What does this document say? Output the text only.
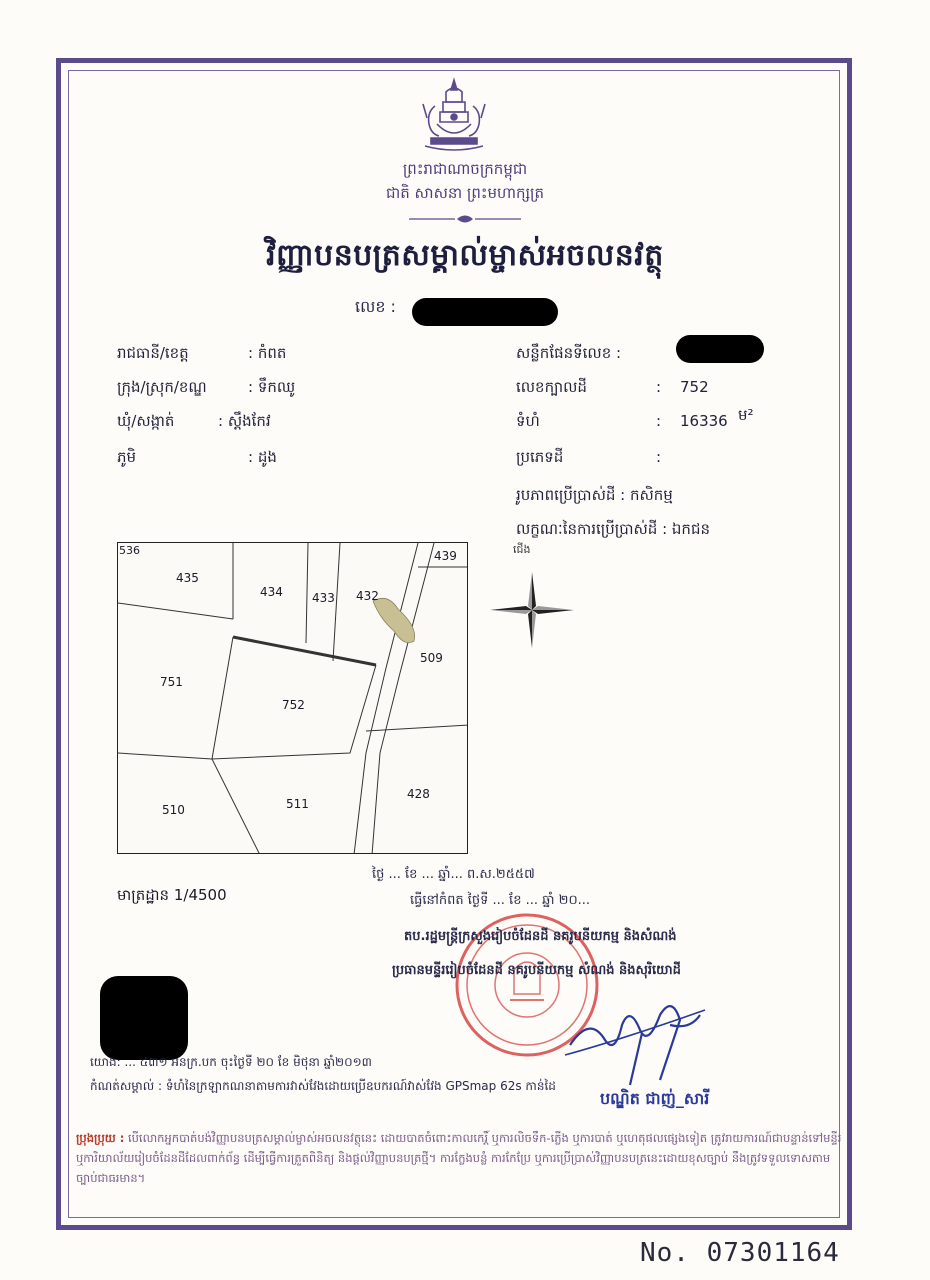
ព្រះរាជាណាចក្រកម្ពុជា
ជាតិ សាសនា ព្រះមហាក្សត្រ
វិញ្ញាបនបត្រសម្គាល់ម្ចាស់អចលនវត្ថុ
លេខ :
រាជធានី/ខេត្ត	: កំពត
ក្រុង/ស្រុក/ខណ្ឌ	: ទឹកឈូ
ឃុំ/សង្កាត់	: ស្ដឹងកែវ
ភូមិ	: ដូង
សន្លឹកផែនទីលេខ :
លេខក្បាលដី	: 752
ទំហំ	: 16336 ម²
ប្រភេទដី	:
រូបភាពប្រើប្រាស់ដី : កសិកម្ម
លក្ខណៈនៃការប្រើប្រាស់ដី : ឯកជន
ជើង
536
435
434 433 432
439
509
751
752
510	511
428
មាត្រដ្ឋាន 1/4500
ថ្ងៃ ... ខែ ... ឆ្នាំ... ព.ស.២៥៥៧
ធ្វើនៅកំពត ថ្ងៃទី ... ខែ ... ឆ្នាំ ២០...
តប.រដ្ឋមន្ត្រីក្រសួងរៀបចំដែនដី នគរូបនីយកម្ម និងសំណង់
ប្រធានមន្ទីររៀបចំដែនដី នគរូបនីយកម្ម សំណង់ និងសុរិយោដី
យោង: ... ៤៣១ អនក្រ.បក ចុះថ្ងៃទី ២០ ខែ មិថុនា ឆ្នាំ២០១៣
កំណត់សម្គាល់ : ទំហំនៃក្រឡាកណនាតាមការវាស់វែងដោយប្រើឧបករណ៍វាស់វែង GPSmap 62s កាន់ដៃ
បណ្ឌិត ជាញ់_សារី
ប្រុងប្រុយ : បើលោកអ្នកបាត់បង់វិញ្ញាបនបត្រសម្គាល់ម្ចាស់អចលនវត្ថុនេះ ដោយបាតចំពោះកាលកេរ្តិ៍ ឬការលិចទឹក-ភ្លើង ឬការបាត់ ឬហេតុផលផ្សេងទៀត ត្រូវរាយការណ៍ជាបន្ទាន់ទៅមន្ទីរ ឬការិយាល័យរៀបចំដែនដីដែលពាក់ព័ន្ធ ដើម្បីធ្វើការត្រួតពិនិត្យ និងផ្ដល់វិញ្ញាបនបត្រថ្មី។ ការក្លែងបន្លំ ការកែប្រែ ឬការប្រើប្រាស់វិញ្ញាបនបត្រនេះដោយខុសច្បាប់ នឹងត្រូវទទួលទោសតាមច្បាប់ជាធរមាន។
No. 07301164
